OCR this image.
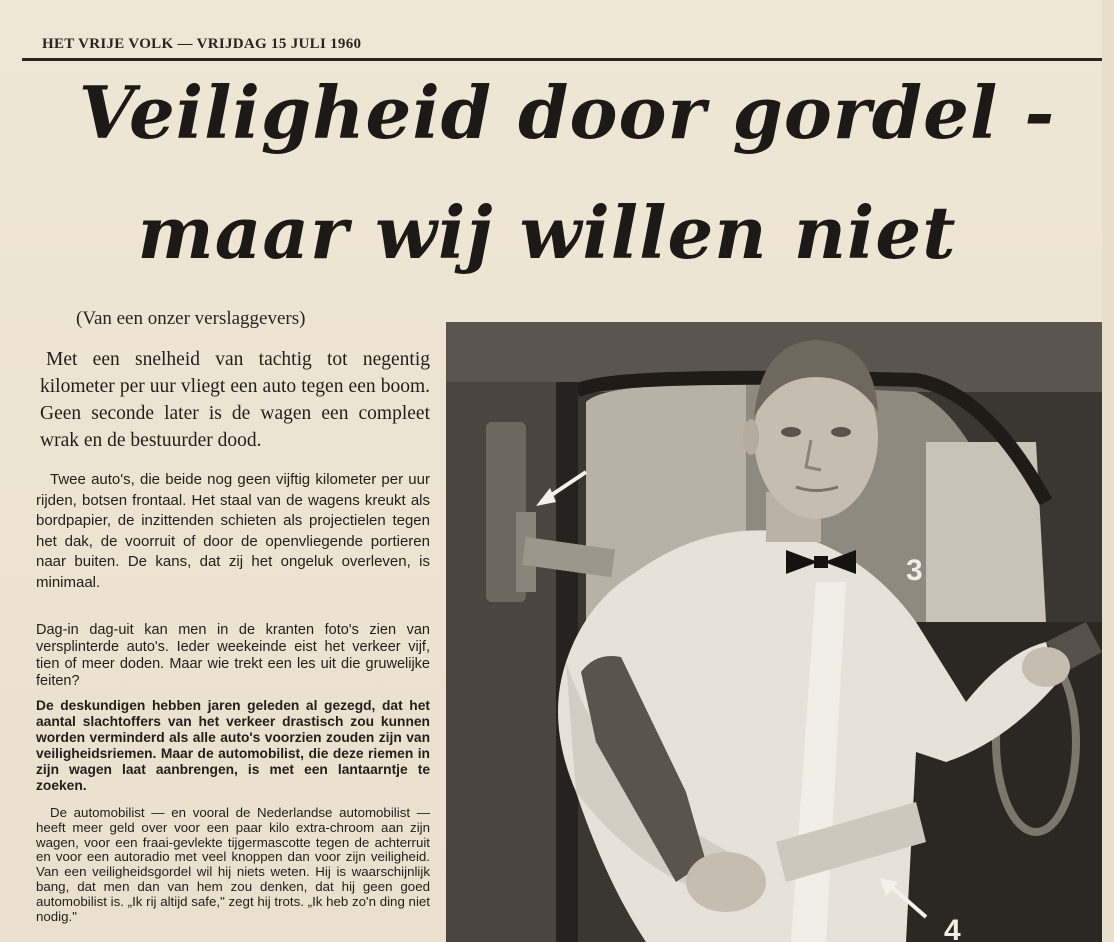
HET VRIJE VOLK — VRIJDAG 15 JULI 1960
Veiligheid door gordel -
maar wij willen niet
(Van een onzer verslaggevers)

Met een snelheid van tachtig tot negentig kilometer per uur vliegt een auto tegen een boom. Geen seconde later is de wagen een compleet wrak en de bestuurder dood.

Twee auto's, die beide nog geen vijftig kilometer per uur rijden, botsen frontaal. Het staal van de wagens kreukt als bordpapier, de inzittenden schieten als projectielen tegen het dak, de voorruit of door de openvliegende portieren naar buiten. De kans, dat zij het ongeluk overleven, is minimaal.

Dag-in dag-uit kan men in de kranten foto's zien van versplinterde auto's. Ieder weekeinde eist het verkeer vijf, tien of meer doden. Maar wie trekt een les uit die gruwelijke feiten?

De deskundigen hebben jaren geleden al gezegd, dat het aantal slachtoffers van het verkeer drastisch zou kunnen worden verminderd als alle auto's voorzien zouden zijn van veiligheidsriemen. Maar de automobilist, die deze riemen in zijn wagen laat aanbrengen, is met een lantaarntje te zoeken.

De automobilist — en vooral de Nederlandse automobilist — heeft meer geld over voor een paar kilo extra-chroom aan zijn wagen, voor een fraai-gevlekte tijgermascotte tegen de achterruit en voor een autoradio met veel knoppen dan voor zijn veiligheid. Van een veiligheidsgordel wil hij niets weten. Hij is waarschijnlijk bang, dat men dan van hem zou denken, dat hij geen goed automobilist is. „Ik rij altijd safe," zegt hij trots. „Ik heb zo'n ding niet nodig."

3
4
